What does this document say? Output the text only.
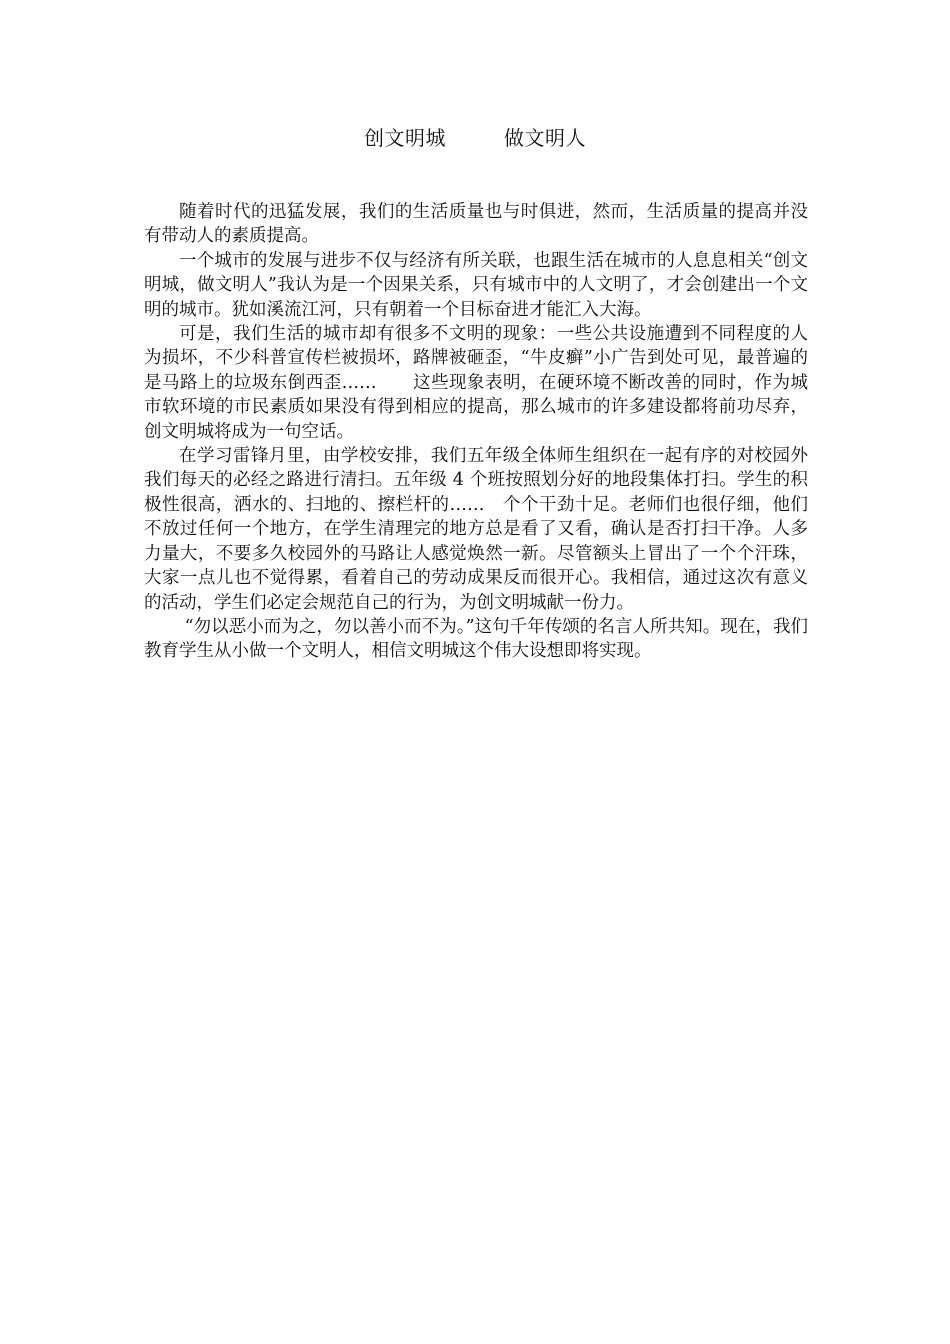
创文明城	做文明人

随着时代的迅猛发展，我们的生活质量也与时俱进，然而，生活质量的提高并没有带动人的素质提高。

一个城市的发展与进步不仅与经济有所关联，也跟生活在城市的人息息相关“创文明城，做文明人”我认为是一个因果关系，只有城市中的人文明了，才会创建出一个文明的城市。犹如溪流江河，只有朝着一个目标奋进才能汇入大海。

可是，我们生活的城市却有很多不文明的现象：一些公共设施遭到不同程度的人为损坏，不少科普宣传栏被损坏，路牌被砸歪，“牛皮癣”小广告到处可见，最普遍的是马路上的垃圾东倒西歪……　　这些现象表明，在硬环境不断改善的同时，作为城市软环境的市民素质如果没有得到相应的提高，那么城市的许多建设都将前功尽弃，创文明城将成为一句空话。

在学习雷锋月里，由学校安排，我们五年级全体师生组织在一起有序的对校园外我们每天的必经之路进行清扫。五年级 4 个班按照划分好的地段集体打扫。学生的积极性很高，洒水的、扫地的、擦栏杆的……　个个干劲十足。老师们也很仔细，他们不放过任何一个地方，在学生清理完的地方总是看了又看，确认是否打扫干净。人多力量大，不要多久校园外的马路让人感觉焕然一新。尽管额头上冒出了一个个汗珠，大家一点儿也不觉得累，看着自己的劳动成果反而很开心。我相信，通过这次有意义的活动，学生们必定会规范自己的行为，为创文明城献一份力。

“勿以恶小而为之，勿以善小而不为。”这句千年传颂的名言人所共知。现在，我们教育学生从小做一个文明人，相信文明城这个伟大设想即将实现。
